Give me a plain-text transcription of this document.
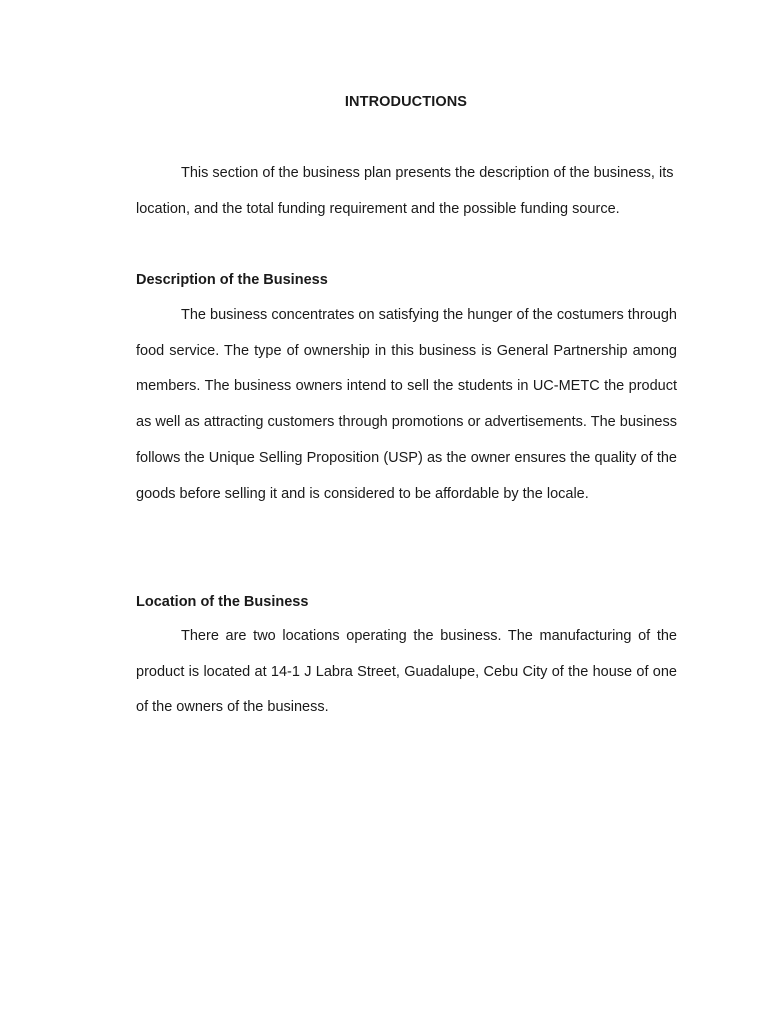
INTRODUCTIONS

This section of the business plan presents the description of the business, its location, and the total funding requirement and the possible funding source.

Description of the Business

The business concentrates on satisfying the hunger of the costumers through food service. The type of ownership in this business is General Partnership among members. The business owners intend to sell the students in UC-METC the product as well as attracting customers through promotions or advertisements. The business follows the Unique Selling Proposition (USP) as the owner ensures the quality of the goods before selling it and is considered to be affordable by the locale.

Location of the Business

There are two locations operating the business. The manufacturing of the product is located at 14-1 J Labra Street, Guadalupe, Cebu City of the house of one of the owners of the business.
